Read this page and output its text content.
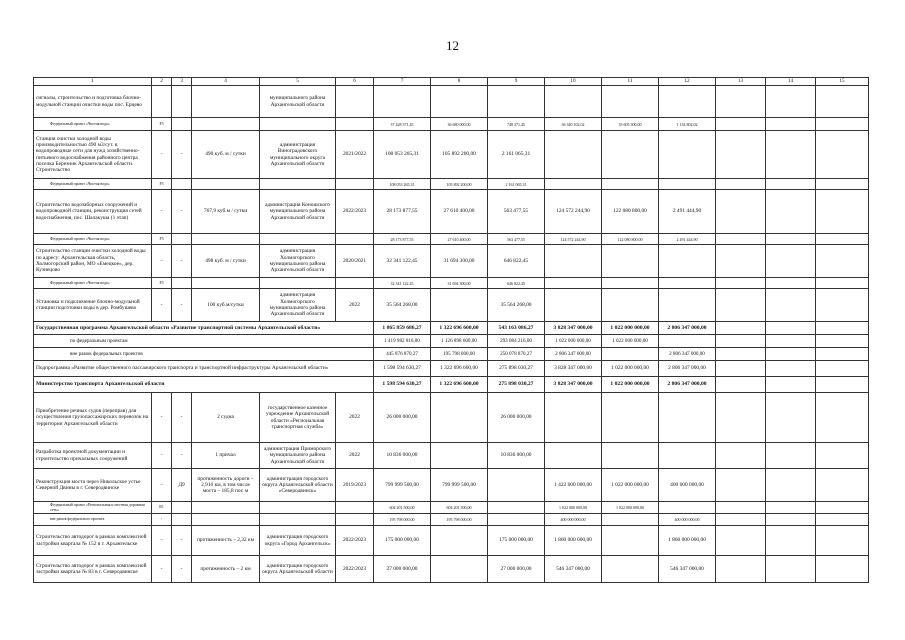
12
1	2	3	4	5	6	7	8	9	10	11	12	13	14	15
сигналы, строительство и подготовка блочно-модульной станции очистки воды пос. Ерцево				муниципального района Архангельской области										
Федеральный проект «Чистая вода»	F5					37 428 371,45	36 680 000,00	748 371,45	36 340 102,02	35 605 300,00	1 134 802,02			
Станция очистки холодной воды производительностью 490 м3/сут. в водопроводные сети для нужд хозяйственно-питьевого водоснабжения районного центра поселка Березник Архангельской области. Строительство	-	-	490 куб. м / сутки	администрация Виноградовского муниципального округа Архангельской области	2021/2022	108 053 265,31	105 892 200,00	2 161 065,31						
Федеральный проект «Чистая вода»	F5					108 053 265,31	105 892 200,00	2 161 065,31						
Строительство водозаборных сооружений и водопроводной станции, реконструкция сетей водоснабжения, пос. Шалакуша (1 этап)	-	-	767,9 куб.м / сутки	администрация Коношского муниципального района Архангельской области	2022/2023	28 173 877,55	27 610 400,00	563 477,55	124 572 244,90	122 080 800,00	2 491 444,90			
Федеральный проект «Чистая вода»	F5					28 173 877,55	27 610 400,00	563 477,55	124 572 244,90	122 080 800,00	2 491 444,90			
Строительство станции очистки холодной воды по адресу: Архангельская область, Холмогорский район, МО «Емецкое», дер. Кузнецово	-	-	498 куб. м / сутки	администрация Холмогорского муниципального района Архангельской области	2020/2021	32 341 122,45	31 694 300,00	646 822,45						
Федеральный проект «Чистая вода»	F5					32 341 122,45	31 694 300,00	646 822,45						
Установка и подключение блочно-модульной станции подготовки воды в дер. Ромбушево	-	-	100 куб.м/сутки	администрация Холмогорского муниципального района Архангельской области	2022	35 564 268,00		35 564 268,00						
Государственная программа Архангельской области «Развитие транспортной системы Архангельской области»						1 865 859 686,27	1 322 696 600,00	543 163 086,27	3 828 347 000,00	1 022 000 000,00	2 806 347 000,00			
по федеральным проектам						1 419 982 816,00	1 126 898 600,00	293 084 216,00	1 022 000 000,00	1 022 000 000,00				
вне рамок федеральных проектов						445 876 870,27	195 798 000,00	250 078 870,27	2 806 347 000,00		2 806 347 000,00			
Подпрограмма «Развитие общественного пассажирского транспорта и транспортной инфраструктуры Архангельской области»						1 598 594 630,27	1 322 696 600,00	275 898 030,27	3 828 347 000,00	1 022 000 000,00	2 806 347 000,00			
Министерство транспорта Архангельской области						1 598 594 630,27	1 322 696 600,00	275 898 030,27	3 828 347 000,00	1 022 000 000,00	2 806 347 000,00			
Приобретение речных судов (переправ) для осуществления грузопассажирских перевозок на территории Архангельской области	-	-	2 судна	государственное казенное учреждение Архангельской области «Региональная транспортная служба»	2022	26 000 000,00		26 000 000,00						
Разработка проектной документации и строительство причальных сооружений	-	-	1 причал	администрация Приморского муниципального района Архангельской области	2022	10 836 000,00		10 836 000,00						
Реконструкция моста через Никольское устье Северной Двины в г. Северодвинске	-	Д9	протяженность дороги – 2,916 км, в том числе моста – 185,8 пог. м	администрация городского округа Архангельской области «Северодвинск»	2019/2023	799 999 500,00	799 999 500,00		1 422 000 000,00	1 022 000 000,00	400 000 000,00			
Федеральный проект «Региональная и местная дорожная сеть»	R1					604 201 500,00	604 201 500,00		1 022 000 000,00	1 022 000 000,00				
вне рамок федерального проекта	-					195 798 000,00	195 798 000,00		400 000 000,00		400 000 000,00			
Строительство автодорог в рамках комплексной застройки квартала № 152 в г. Архангельске	-	-	протяженность – 2,32 км	администрация городского округа «Город Архангельск»	2022/2023	175 000 000,00		175 000 000,00	1 860 000 000,00		1 860 000 000,00			
Строительство автодорог в рамках комплексной застройки квартала № 83 в г. Северодвинске	-	-	протяженность – 2 км	администрация городского округа Архангельской области	2022/2023	27 000 000,00		27 000 000,00	546 347 000,00		546 347 000,00			
